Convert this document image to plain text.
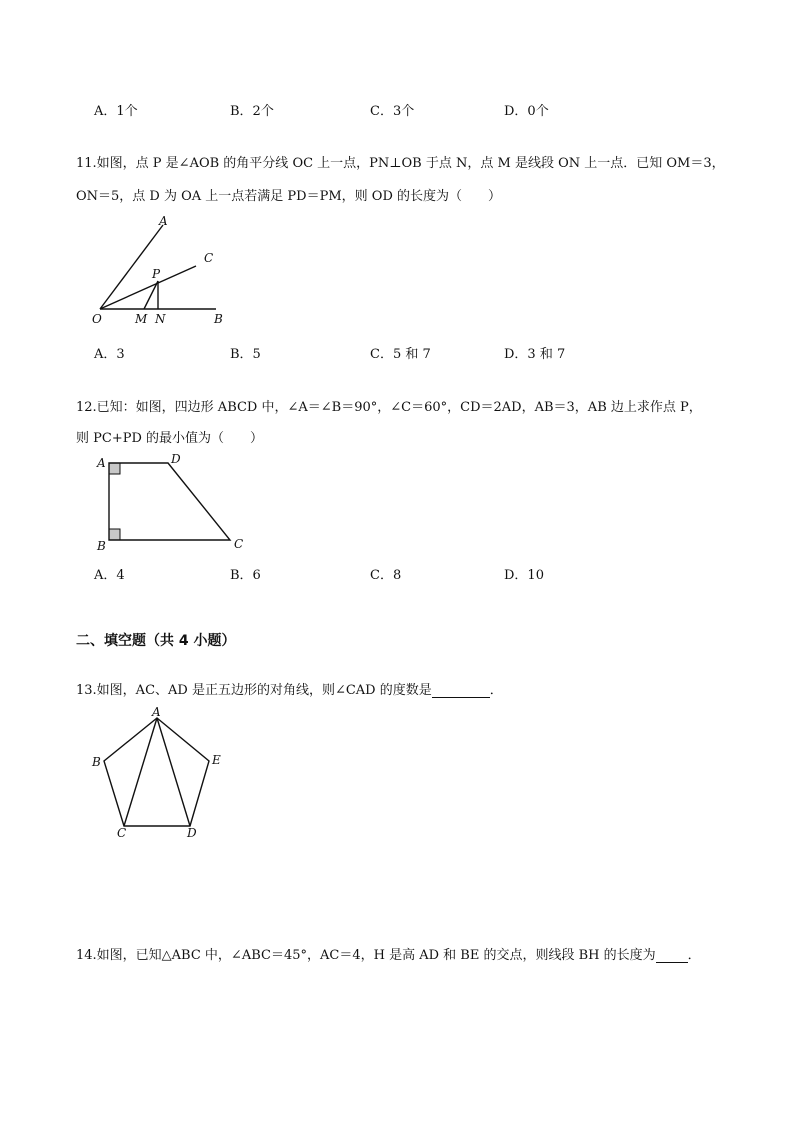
A．1个	B．2个	C．3个	D．0个
11.如图，点 P 是∠AOB 的角平分线 OC 上一点，PN⊥OB 于点 N，点 M 是线段 ON 上一点．已知 OM＝3，
ON＝5，点 D 为 OA 上一点若满足 PD＝PM，则 OD 的长度为（　　）
A
C
P
O	M N	B
A．3	B．5	C．5 和 7	D．3 和 7
12.已知：如图，四边形 ABCD 中，∠A＝∠B＝90°，∠C＝60°，CD＝2AD，AB＝3，AB 边上求作点 P，
则 PC+PD 的最小值为（　　）
A	D
B	C
A．4	B．6	C．8	D．10
二、填空题（共 4 小题）
13.如图，AC、AD 是正五边形的对角线，则∠CAD 的度数是	．
A
B	E
C	D
14.如图，已知△ABC 中，∠ABC＝45°，AC＝4，H 是高 AD 和 BE 的交点，则线段 BH 的长度为 ．
